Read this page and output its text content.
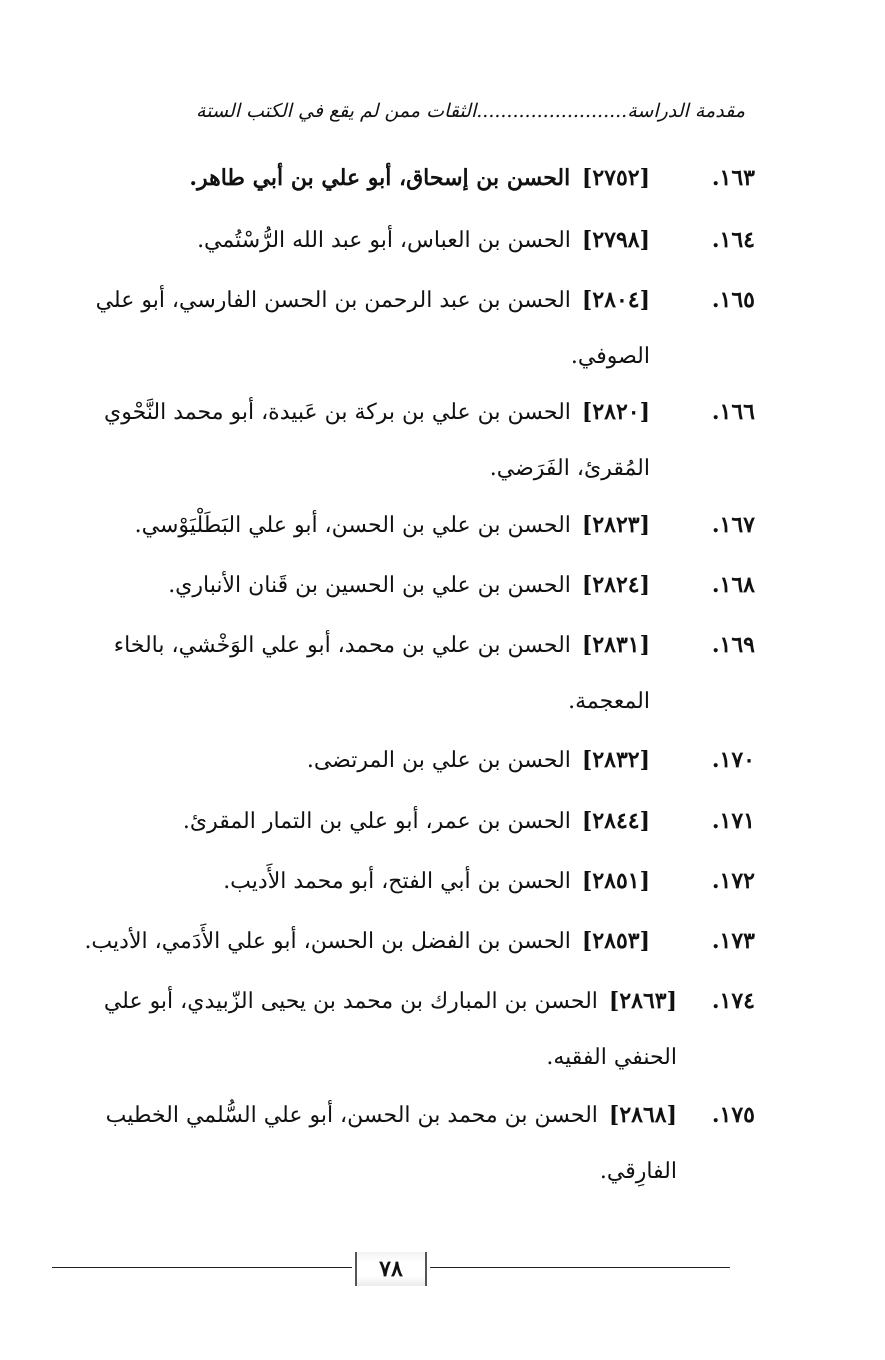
مقدمة الدراسة.........................الثقات ممن لم يقع في الكتب الستة
١٦٣.
[٢٧٥٢] الحسن بن إسحاق، أبو علي بن أبي طاهر.
١٦٤.
[٢٧٩٨] الحسن بن العباس، أبو عبد الله الرُّسْتُمي.
١٦٥.
[٢٨٠٤] الحسن بن عبد الرحمن بن الحسن الفارسي، أبو علي الصوفي.
١٦٦.
[٢٨٢٠] الحسن بن علي بن بركة بن عَبيدة، أبو محمد النَّحْوي المُقرئ، الفَرَضي.
١٦٧.
[٢٨٢٣] الحسن بن علي بن الحسن، أبو علي البَطَلْيَوْسي.
١٦٨.
[٢٨٢٤] الحسن بن علي بن الحسين بن قَنان الأنباري.
١٦٩.
[٢٨٣١] الحسن بن علي بن محمد، أبو علي الوَخْشي، بالخاء المعجمة.
١٧٠.
[٢٨٣٢] الحسن بن علي بن المرتضى.
١٧١.
[٢٨٤٤] الحسن بن عمر، أبو علي بن التمار المقرئ.
١٧٢.
[٢٨٥١] الحسن بن أبي الفتح، أبو محمد الأَديب.
١٧٣.
[٢٨٥٣] الحسن بن الفضل بن الحسن، أبو علي الأَدَمي، الأديب.
١٧٤.
[٢٨٦٣] الحسن بن المبارك بن محمد بن يحيى الزّبيدي، أبو علي الحنفي الفقيه.
١٧٥.
[٢٨٦٨] الحسن بن محمد بن الحسن، أبو علي السُّلمي الخطيب الفارِقي.
٧٨
